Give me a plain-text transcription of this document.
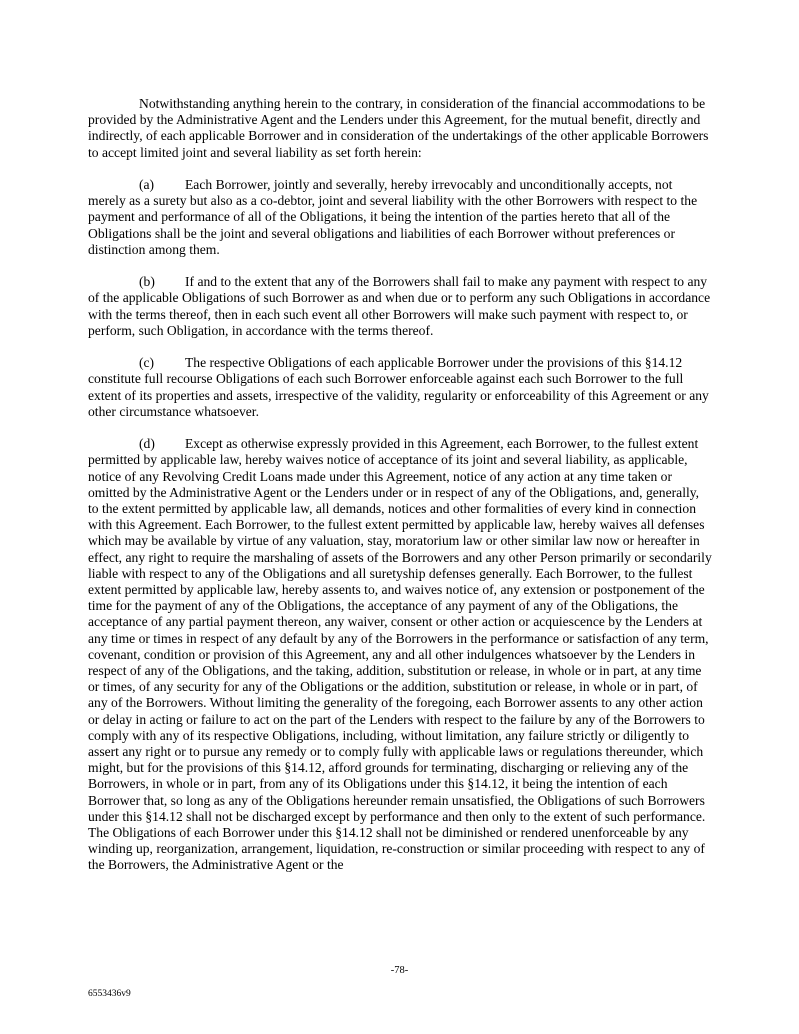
Notwithstanding anything herein to the contrary, in consideration of the financial accommodations to be provided by the Administrative Agent and the Lenders under this Agreement, for the mutual benefit, directly and indirectly, of each applicable Borrower and in consideration of the undertakings of the other applicable Borrowers to accept limited joint and several liability as set forth herein:

(a) Each Borrower, jointly and severally, hereby irrevocably and unconditionally accepts, not merely as a surety but also as a co-debtor, joint and several liability with the other Borrowers with respect to the payment and performance of all of the Obligations, it being the intention of the parties hereto that all of the Obligations shall be the joint and several obligations and liabilities of each Borrower without preferences or distinction among them.

(b) If and to the extent that any of the Borrowers shall fail to make any payment with respect to any of the applicable Obligations of such Borrower as and when due or to perform any such Obligations in accordance with the terms thereof, then in each such event all other Borrowers will make such payment with respect to, or perform, such Obligation, in accordance with the terms thereof.

(c) The respective Obligations of each applicable Borrower under the provisions of this §14.12 constitute full recourse Obligations of each such Borrower enforceable against each such Borrower to the full extent of its properties and assets, irrespective of the validity, regularity or enforceability of this Agreement or any other circumstance whatsoever.

(d) Except as otherwise expressly provided in this Agreement, each Borrower, to the fullest extent permitted by applicable law, hereby waives notice of acceptance of its joint and several liability, as applicable, notice of any Revolving Credit Loans made under this Agreement, notice of any action at any time taken or omitted by the Administrative Agent or the Lenders under or in respect of any of the Obligations, and, generally, to the extent permitted by applicable law, all demands, notices and other formalities of every kind in connection with this Agreement. Each Borrower, to the fullest extent permitted by applicable law, hereby waives all defenses which may be available by virtue of any valuation, stay, moratorium law or other similar law now or hereafter in effect, any right to require the marshaling of assets of the Borrowers and any other Person primarily or secondarily liable with respect to any of the Obligations and all suretyship defenses generally. Each Borrower, to the fullest extent permitted by applicable law, hereby assents to, and waives notice of, any extension or postponement of the time for the payment of any of the Obligations, the acceptance of any payment of any of the Obligations, the acceptance of any partial payment thereon, any waiver, consent or other action or acquiescence by the Lenders at any time or times in respect of any default by any of the Borrowers in the performance or satisfaction of any term, covenant, condition or provision of this Agreement, any and all other indulgences whatsoever by the Lenders in respect of any of the Obligations, and the taking, addition, substitution or release, in whole or in part, at any time or times, of any security for any of the Obligations or the addition, substitution or release, in whole or in part, of any of the Borrowers. Without limiting the generality of the foregoing, each Borrower assents to any other action or delay in acting or failure to act on the part of the Lenders with respect to the failure by any of the Borrowers to comply with any of its respective Obligations, including, without limitation, any failure strictly or diligently to assert any right or to pursue any remedy or to comply fully with applicable laws or regulations thereunder, which might, but for the provisions of this §14.12, afford grounds for terminating, discharging or relieving any of the Borrowers, in whole or in part, from any of its Obligations under this §14.12, it being the intention of each Borrower that, so long as any of the Obligations hereunder remain unsatisfied, the Obligations of such Borrowers under this §14.12 shall not be discharged except by performance and then only to the extent of such performance. The Obligations of each Borrower under this §14.12 shall not be diminished or rendered unenforceable by any winding up, reorganization, arrangement, liquidation, re-construction or similar proceeding with respect to any of the Borrowers, the Administrative Agent or the

-78-
6553436v9
